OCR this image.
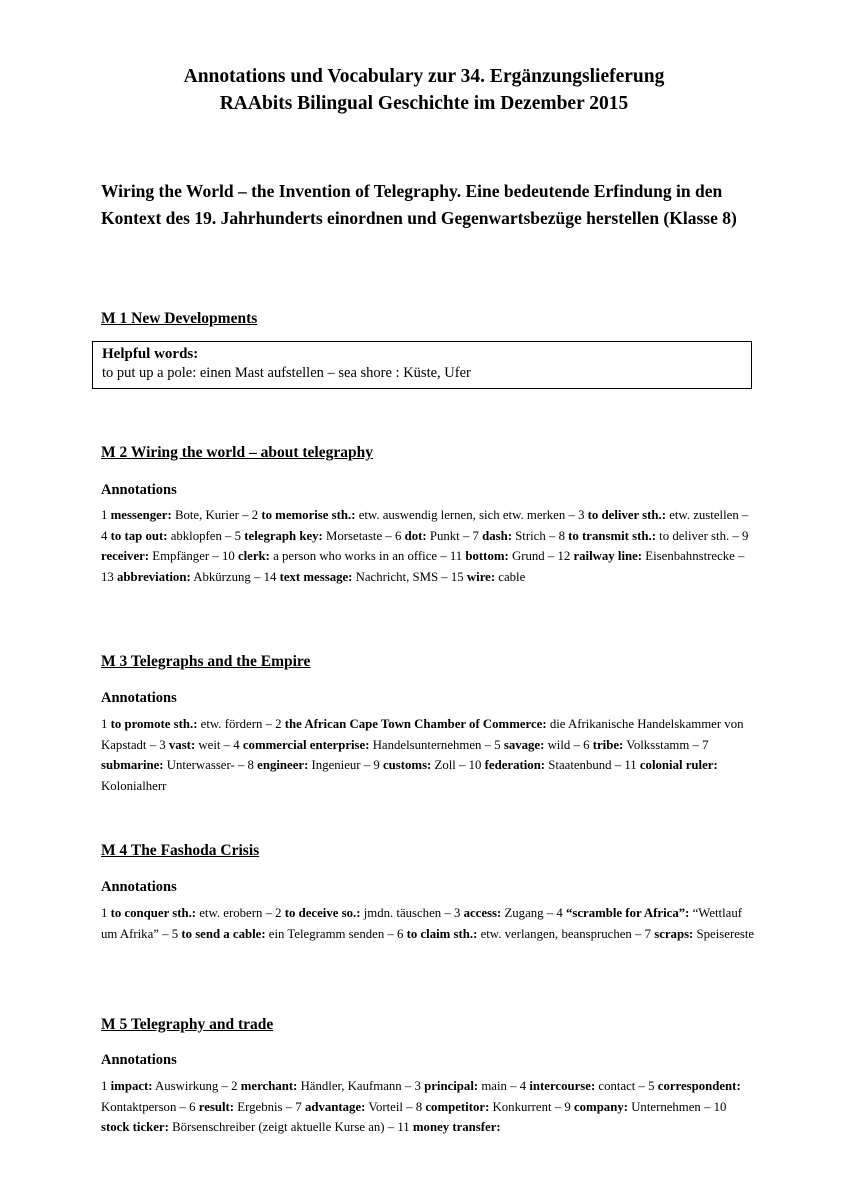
Annotations und Vocabulary zur 34. Ergänzungslieferung
RAAbits Bilingual Geschichte im Dezember 2015
Wiring the World – the Invention of Telegraphy. Eine bedeutende Erfindung in den Kontext des 19. Jahrhunderts einordnen und Gegenwartsbezüge herstellen (Klasse 8)
M 1 New Developments
Helpful words:
to put up a pole: einen Mast aufstellen – sea shore : Küste, Ufer
M 2 Wiring the world – about telegraphy
Annotations
1 messenger: Bote, Kurier – 2 to memorise sth.: etw. auswendig lernen, sich etw. merken – 3 to deliver sth.: etw. zustellen – 4 to tap out: abklopfen – 5 telegraph key: Morsetaste – 6 dot: Punkt – 7 dash: Strich – 8 to transmit sth.: to deliver sth. – 9 receiver: Empfänger – 10 clerk: a person who works in an office – 11 bottom: Grund – 12 railway line: Eisenbahnstrecke – 13 abbreviation: Abkürzung – 14 text message: Nachricht, SMS – 15 wire: cable
M 3 Telegraphs and the Empire
Annotations
1 to promote sth.: etw. fördern – 2 the African Cape Town Chamber of Commerce: die Afrikanische Handelskammer von Kapstadt – 3 vast: weit – 4 commercial enterprise: Handelsunternehmen – 5 savage: wild – 6 tribe: Volksstamm – 7 submarine: Unterwasser- – 8 engineer: Ingenieur – 9 customs: Zoll – 10 federation: Staatenbund – 11 colonial ruler: Kolonialherr
M 4 The Fashoda Crisis
Annotations
1 to conquer sth.: etw. erobern – 2 to deceive so.: jmdn. täuschen – 3 access: Zugang – 4 “scramble for Africa”: “Wettlauf um Afrika” – 5 to send a cable: ein Telegramm senden – 6 to claim sth.: etw. verlangen, beanspruchen – 7 scraps: Speisereste
M 5 Telegraphy and trade
Annotations
1 impact: Auswirkung – 2 merchant: Händler, Kaufmann – 3 principal: main – 4 intercourse: contact – 5 correspondent: Kontaktperson – 6 result: Ergebnis – 7 advantage: Vorteil – 8 competitor: Konkurrent – 9 company: Unternehmen – 10 stock ticker: Börsenschreiber (zeigt aktuelle Kurse an) – 11 money transfer:
